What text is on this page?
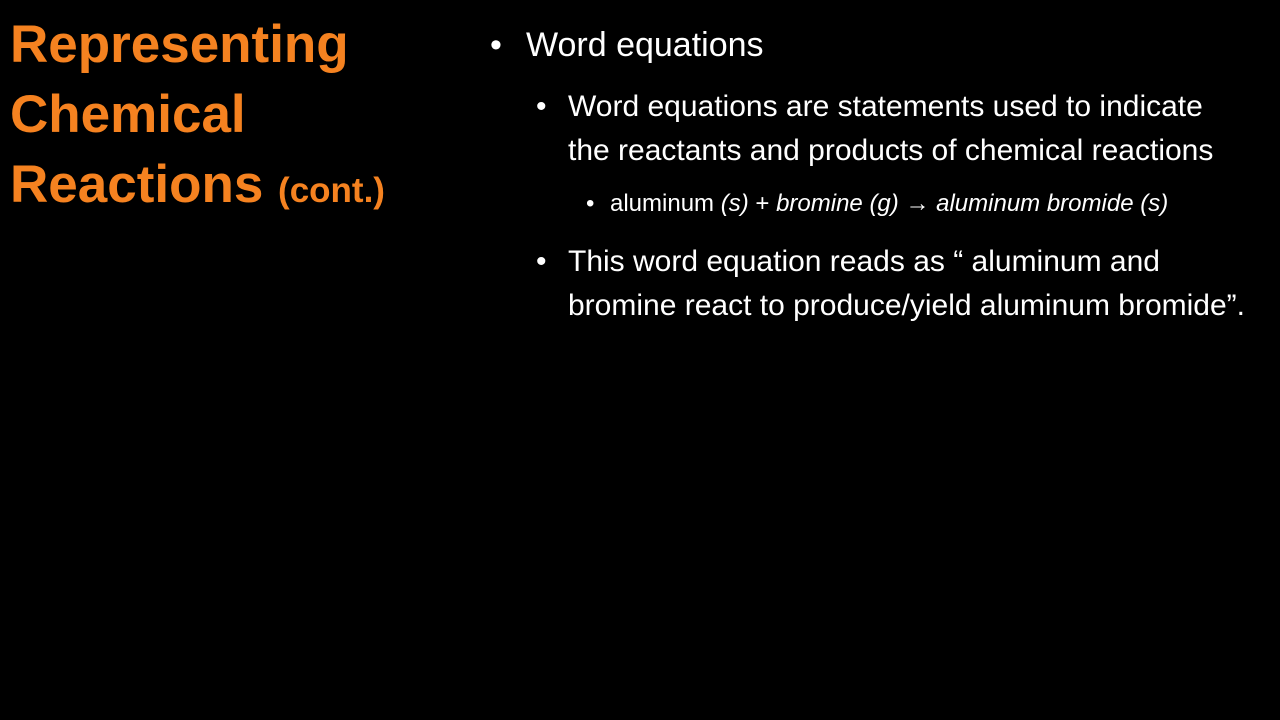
Representing
Chemical
Reactions (cont.)

• Word equations

• Word equations are statements used to indicate the reactants and products of chemical reactions

• aluminum (s) + bromine (g) → aluminum bromide (s)

• This word equation reads as “ aluminum and bromine react to produce/yield aluminum bromide”.
